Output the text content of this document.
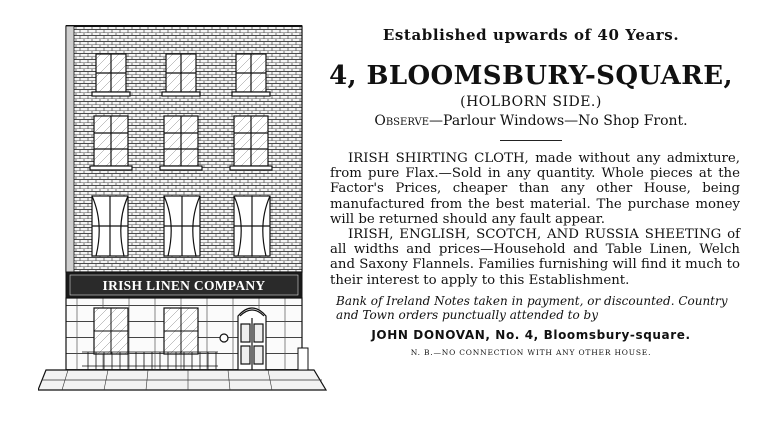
IRISH LINEN COMPANY
Established upwards of 40 Years.
4, BLOOMSBURY-SQUARE,
(HOLBORN SIDE.)
Observe—Parlour Windows—No Shop Front.
IRISH SHIRTING CLOTH, made without any admixture, from pure Flax.—Sold in any quantity. Whole pieces at the Factor's Prices, cheaper than any other House, being manufactured from the best material. The purchase money will be returned should any fault appear.
IRISH, ENGLISH, SCOTCH, AND RUSSIA SHEETING of all widths and prices—Household and Table Linen, Welch and Saxony Flannels. Families furnishing will find it much to their interest to apply to this Establishment.
Bank of Ireland Notes taken in payment, or discounted. Country
and Town orders punctually attended to by
JOHN DONOVAN, No. 4, Bloomsbury-square.
N. B.—NO CONNECTION WITH ANY OTHER HOUSE.
